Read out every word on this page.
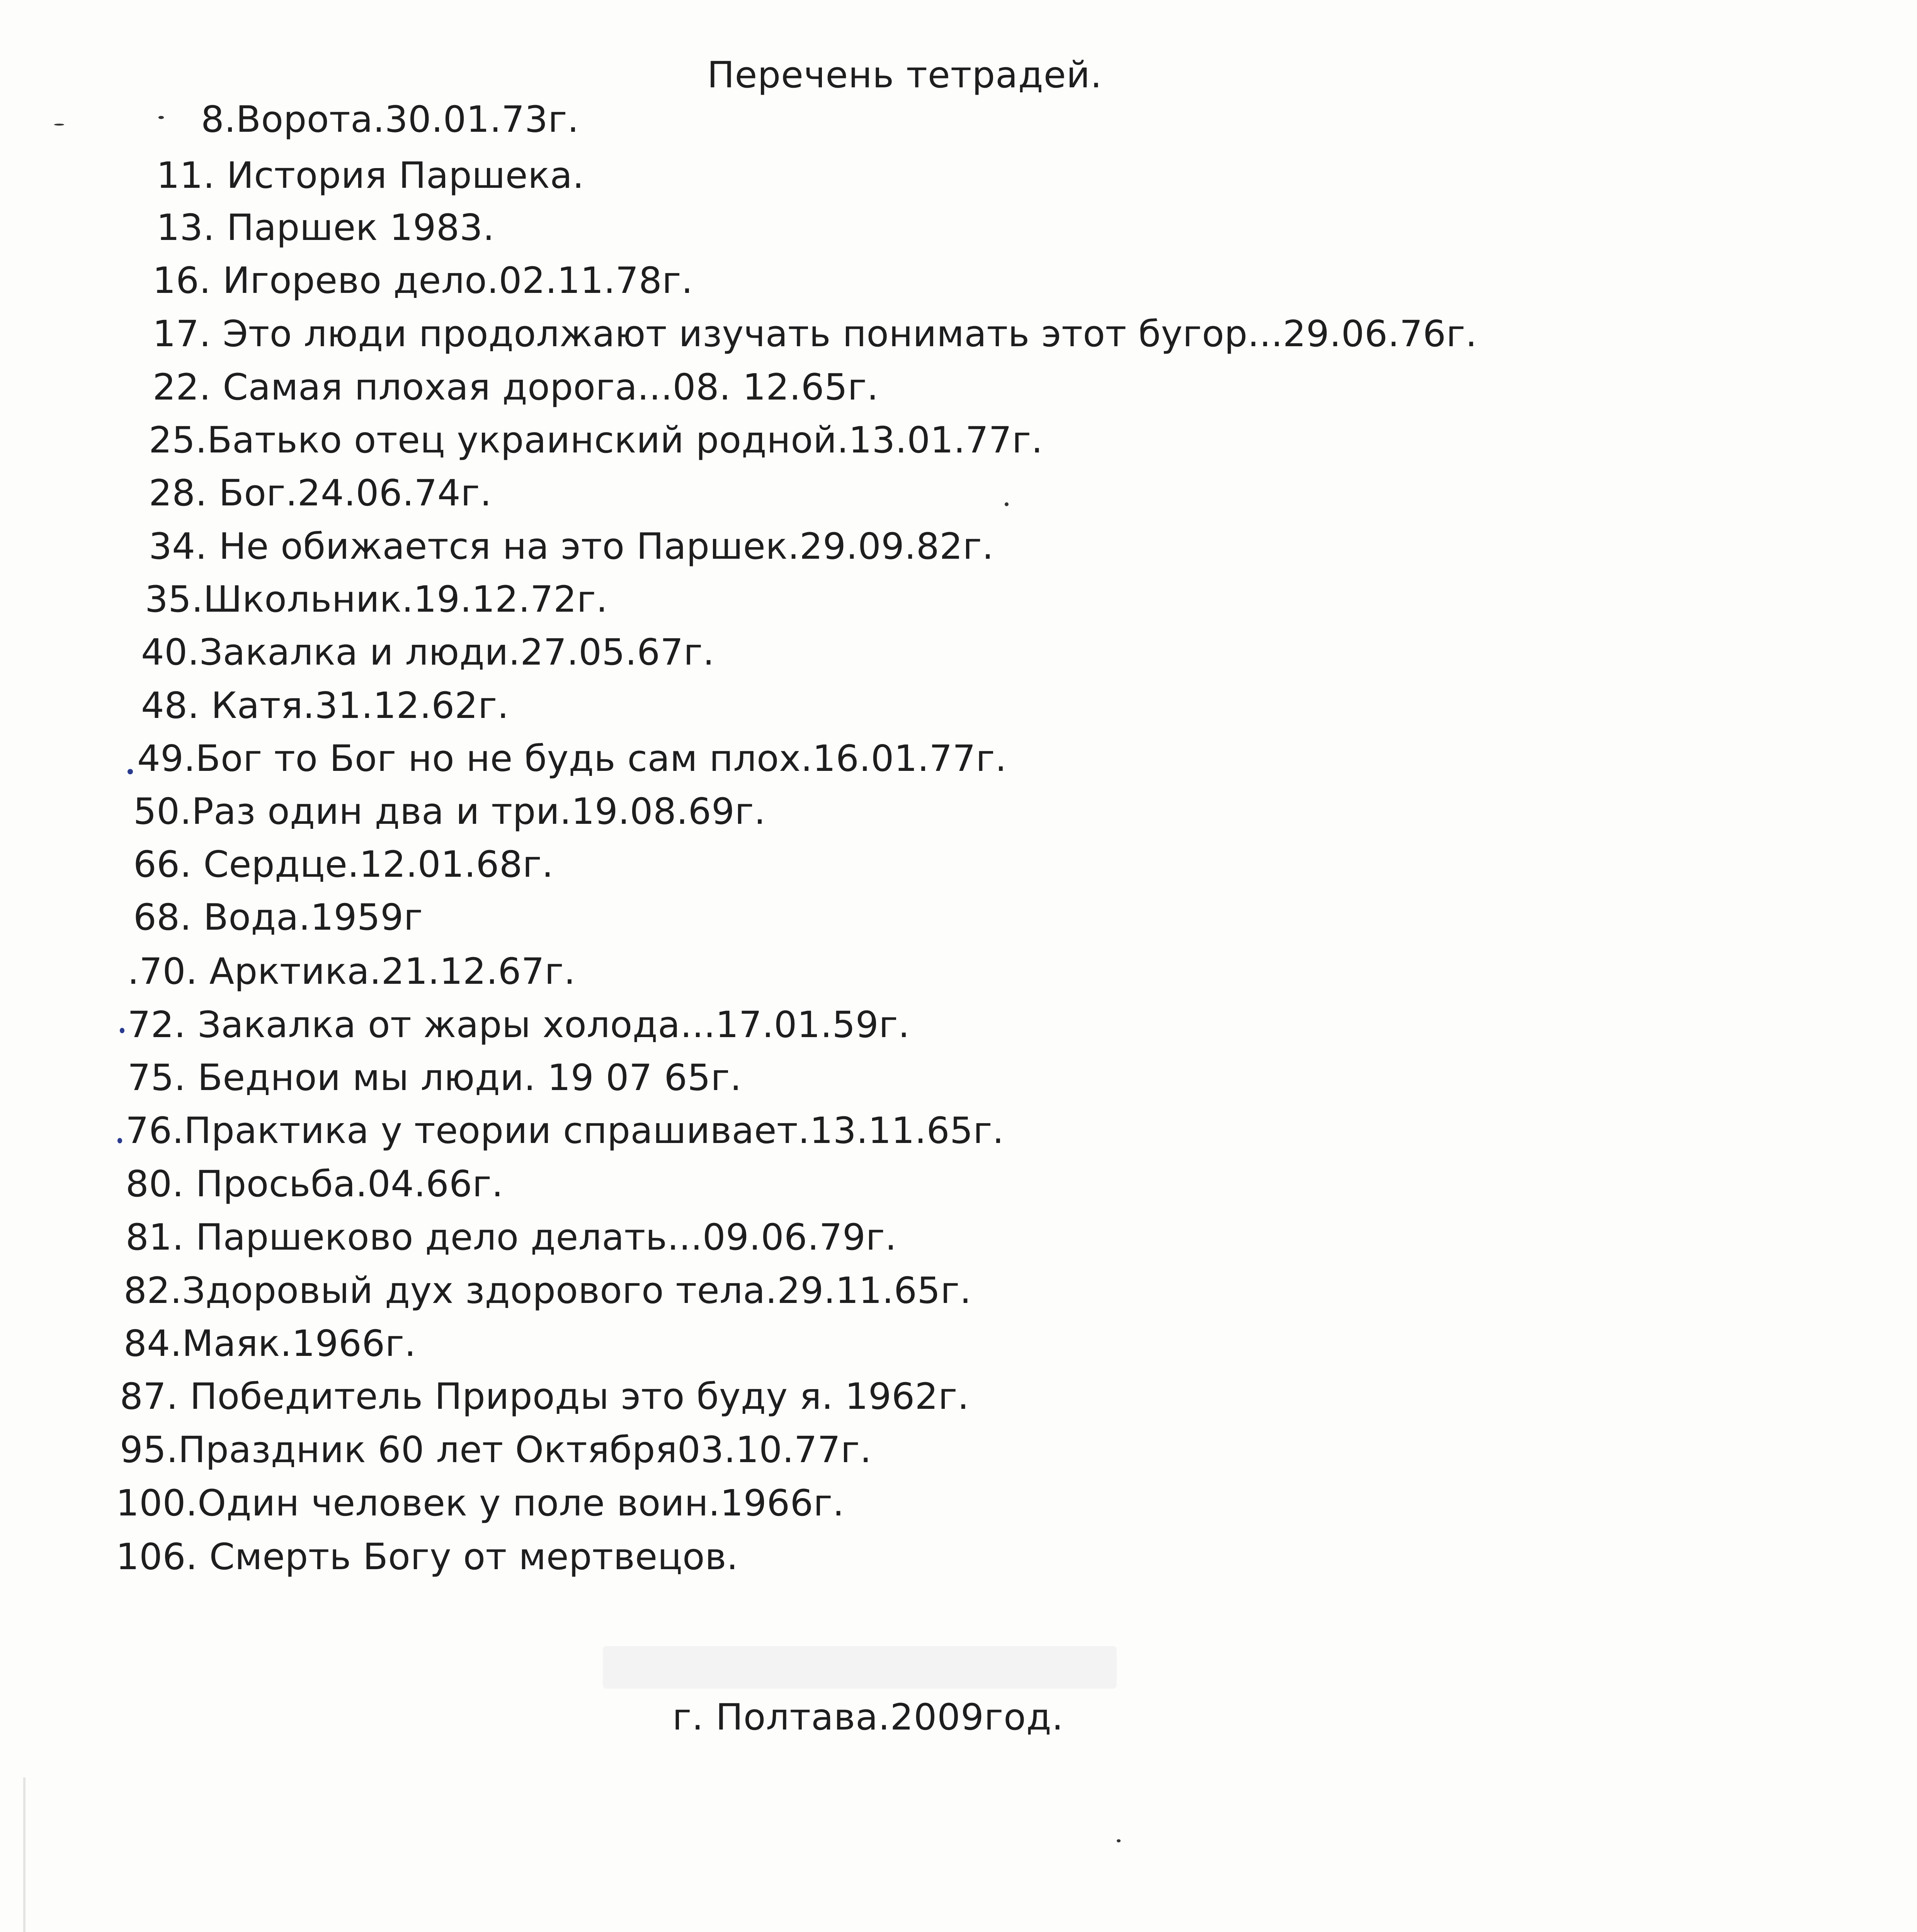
Перечень тетрадей.
8.Ворота.30.01.73г.
11. История Паршека.
13. Паршек 1983.
16. Игорево дело.02.11.78г.
17. Это люди продолжают изучать понимать этот бугор...29.06.76г.
22. Самая плохая дорога...08. 12.65г.
25.Батько отец украинский родной.13.01.77г.
28. Бог.24.06.74г.
34. Не обижается на это Паршек.29.09.82г.
35.Школьник.19.12.72г.
40.Закалка и люди.27.05.67г.
48. Катя.31.12.62г.
49.Бог то Бог но не будь сам плох.16.01.77г.
50.Раз один два и три.19.08.69г.
66. Сердце.12.01.68г.
68. Вода.1959г
.70. Арктика.21.12.67г.
72. Закалка от жары холода...17.01.59г.
75. Беднои мы люди. 19 07 65г.
76.Практика у теории спрашивает.13.11.65г.
80. Просьба.04.66г.
81. Паршеково дело делать...09.06.79г.
82.Здоровый дух здорового тела.29.11.65г.
84.Маяк.1966г.
87. Победитель Природы это буду я. 1962г.
95.Праздник 60 лет Октября03.10.77г.
100.Один человек у поле воин.1966г.
106. Смерть Богу от мертвецов.
г. Полтава.2009год.
